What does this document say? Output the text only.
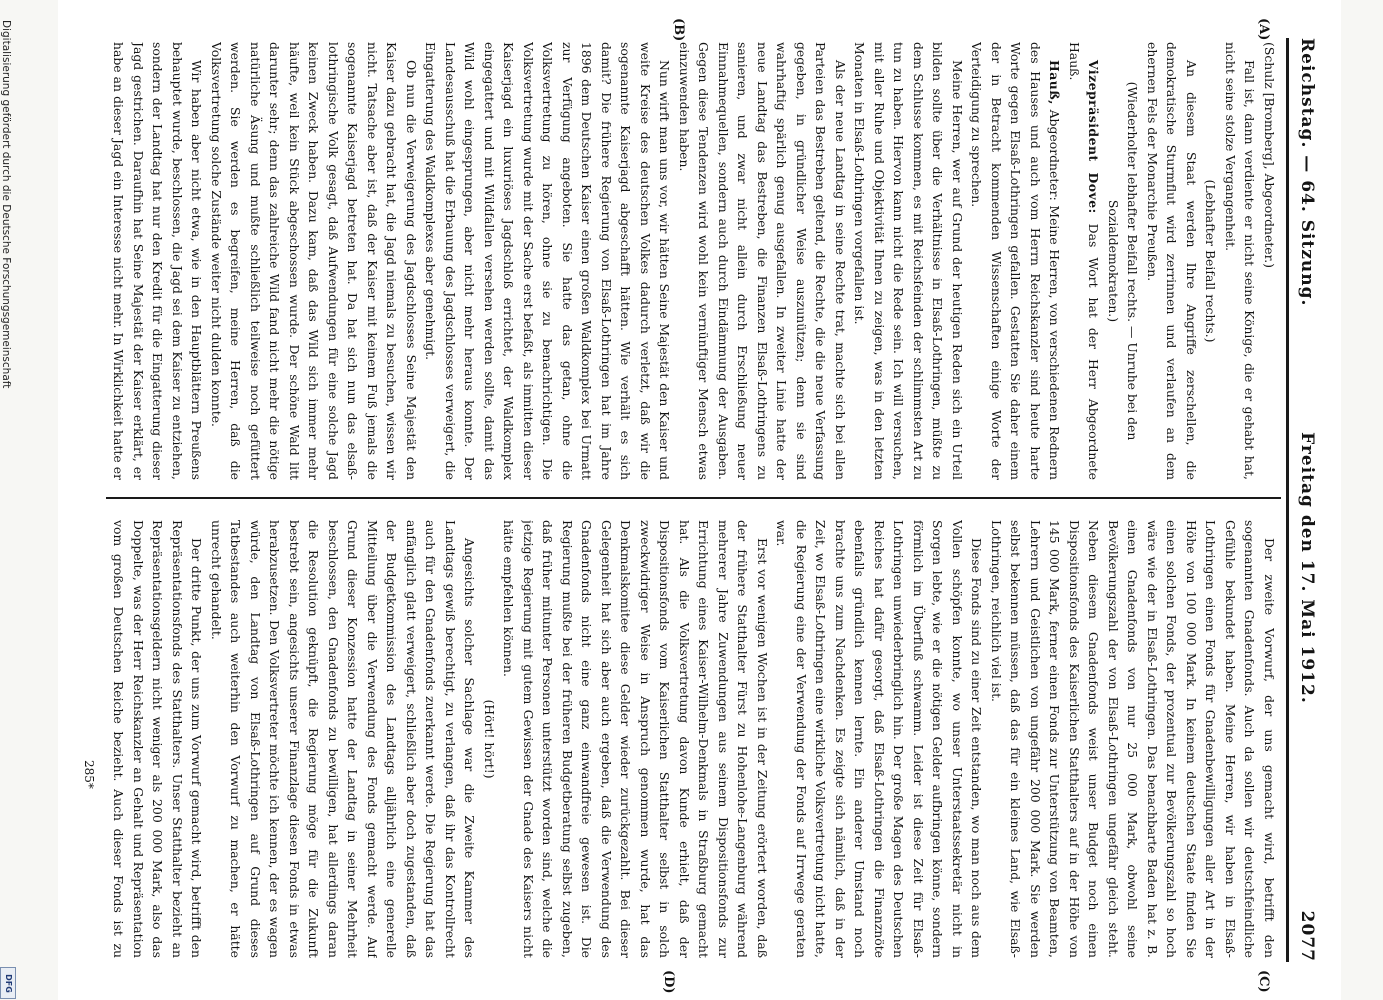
Reichstag. — 64. Sitzung.
Freitag den 17. Mai 1912. 2077
(A)
(B)
(C)
(D)

(Schulz [Bromberg], Abgeordneter.)

Fall ist, dann verdiente er nicht seine Könige, die er gehabt hat, nicht seine stolze Vergangenheit.

(Lebhafter Beifall rechts.)

An diesem Staat werden Ihre Angriffe zerschellen, die demokratische Sturmflut wird zerrinnen und verlaufen an dem ehernen Fels der Monarchie Preußen.

(Wiederholter lebhafter Beifall rechts. — Unruhe bei den Sozialdemokraten.)

Vizepräsident Dove: Das Wort hat der Herr Abgeordnete Hauß.

Hauß, Abgeordneter: Meine Herren, von verschiedenen Rednern des Hauses und auch vom Herrn Reichskanzler sind heute harte Worte gegen Elsaß-Lothringen gefallen. Gestatten Sie daher einem der in Betracht kommenden Wissenschaften einige Worte der Verteidigung zu sprechen.

Meine Herren, wer auf Grund der heutigen Reden sich ein Urteil bilden sollte über die Verhältnisse in Elsaß-Lothringen, müßte zu dem Schlusse kommen, es mit Reichsfeinden der schlimmsten Art zu tun zu haben. Hiervon kann nicht die Rede sein. Ich will versuchen, mit aller Ruhe und Objektivität Ihnen zu zeigen, was in den letzten Monaten in Elsaß-Lothringen vorgefallen ist.

Als der neue Landtag in seine Rechte trat, machte sich bei allen Parteien das Bestreben geltend, die Rechte, die die neue Verfassung gegeben, in gründlicher Weise auszunützen; denn sie sind wahrhaftig spärlich genug ausgefallen. In zweiter Linie hatte der neue Landtag das Bestreben, die Finanzen Elsaß-Lothringens zu sanieren, und zwar nicht allein durch Erschließung neuer Einnahmequellen, sondern auch durch Eindämmung der Ausgaben. Gegen diese Tendenzen wird wohl kein vernünftiger Mensch etwas einzuwenden haben.

Nun wirft man uns vor, wir hätten Seine Majestät den Kaiser und weite Kreise des deutschen Volkes dadurch verletzt, daß wir die sogenannte Kaiserjagd abgeschafft hätten. Wie verhält es sich damit? Die frühere Regierung von Elsaß-Lothringen hat im Jahre 1896 dem Deutschen Kaiser einen großen Waldkomplex bei Urmatt zur Verfügung angeboten. Sie hatte das getan, ohne die Volksvertretung zu hören, ohne sie zu benachrichtigen. Die Volksvertretung wurde mit der Sache erst befaßt, als inmitten dieser Kaiserjagd ein luxuriöses Jagdschloß errichtet, der Waldkomplex eingegattert und mit Wildfallen versehen werden sollte, damit das Wild wohl eingesprungen, aber nicht mehr heraus konnte. Der Landesausschuß hat die Erbauung des Jagdschlosses verweigert, die Eingatterung des Waldkomplexes aber genehmigt.

Ob nun die Verweigerung des Jagdschlosses Seine Majestät den Kaiser dazu gebracht hat, die Jagd niemals zu besuchen, wissen wir nicht. Tatsache aber ist, daß der Kaiser mit keinem Fuß jemals die sogenannte Kaiserjagd betreten hat. Da hat sich nun das elsaß-lothringische Volk gesagt, daß Aufwendungen für eine solche Jagd keinen Zweck haben. Dazu kam, daß das Wild sich immer mehr häufte, weil kein Stück abgeschossen wurde. Der schöne Wald litt darunter sehr; denn das zahlreiche Wild fand nicht mehr die nötige natürliche Äsung und mußte schließlich teilweise noch gefüttert werden. Sie werden es begreifen, meine Herren, daß die Volksvertretung solche Zustände weiter nicht dulden konnte.

Wir haben aber nicht etwa, wie in den Hauptblättern Preußens behauptet wurde, beschlossen, die Jagd sei dem Kaiser zu entziehen, sondern der Landtag hat nur den Kredit für die Eingatterung dieser Jagd gestrichen. Daraufhin hat Seine Majestät der Kaiser erklärt, er habe an dieser Jagd ein Interesse nicht mehr. In Wirklichkeit hatte er

Der zweite Vorwurf, der uns gemacht wird, betrifft den sogenannten Gnadenfonds. Auch da sollen wir deutschfeindliche Gefühle bekundet haben. Meine Herren, wir haben in Elsaß-Lothringen einen Fonds für Gnadenbewilligungen aller Art in der Höhe von 100 000 Mark. In keinem deutschen Staate finden Sie einen solchen Fonds, der prozentual zur Bevölkerungszahl so hoch wäre wie der in Elsaß-Lothringen. Das benachbarte Baden hat z. B. einen Gnadenfonds von nur 25 000 Mark, obwohl seine Bevölkerungszahl der von Elsaß-Lothringen ungefähr gleich steht. Neben diesem Gnadenfonds weist unser Budget noch einen Dispositionsfonds des Kaiserlichen Statthalters auf in der Höhe von 145 000 Mark, ferner einen Fonds zur Unterstützung von Beamten, Lehrern und Geistlichen von ungefähr 200 000 Mark. Sie werden selbst bekennen müssen, daß das für ein kleines Land, wie Elsaß-Lothringen, reichlich viel ist.

Diese Fonds sind zu einer Zeit entstanden, wo man noch aus dem Vollen schöpfen konnte, wo unser Unterstaatssekretär nicht in Sorgen lebte, wie er die nötigen Gelder aufbringen könne, sondern förmlich im Überfluß schwamm. Leider ist diese Zeit für Elsaß-Lothringen unwiederbringlich hin. Der große Magen des Deutschen Reiches hat dafür gesorgt, daß Elsaß-Lothringen die Finanznöte ebenfalls gründlich kennen lernte. Ein anderer Umstand noch brachte uns zum Nachdenken. Es zeigte sich nämlich, daß in der Zeit, wo Elsaß-Lothringen eine wirkliche Volksvertretung nicht hatte, die Regierung eine der Verwendung der Fonds auf Irrwege geraten war.

Erst vor wenigen Wochen ist in der Zeitung erörtert worden, daß der frühere Statthalter Fürst zu Hohenlohe-Langenburg während mehrerer Jahre Zuwendungen aus seinem Dispositionsfonds zur Errichtung eines Kaiser-Wilhelm-Denkmals in Straßburg gemacht hat. Als die Volksvertretung davon Kunde erhielt, daß der Dispositionsfonds vom Kaiserlichen Statthalter selbst in solch zweckwidriger Weise in Anspruch genommen wurde, hat das Denkmalskomitee diese Gelder wieder zurückgezahlt. Bei dieser Gelegenheit hat sich aber auch ergeben, daß die Verwendung des Gnadenfonds nicht eine ganz einwandfreie gewesen ist. Die Regierung mußte bei der früheren Budgetberatung selbst zugeben, daß früher mitunter Personen unterstützt worden sind, welche die jetzige Regierung mit gutem Gewissen der Gnade des Kaisers nicht hätte empfehlen können.

(Hört! hört!)

Angesichts solcher Sachlage war die Zweite Kammer des Landtags gewiß berechtigt, zu verlangen, daß ihr das Kontrollrecht auch für den Gnadenfonds zuerkannt werde. Die Regierung hat das anfänglich glatt verweigert, schließlich aber doch zugestanden, daß der Budgetkommission des Landtags alljährlich eine generelle Mitteilung über die Verwendung des Fonds gemacht werde. Auf Grund dieser Konzession hatte der Landtag in seiner Mehrheit beschlossen, den Gnadenfonds zu bewilligen, hat allerdings daran die Resolution geknüpft, die Regierung möge für die Zukunft bestrebt sein, angesichts unserer Finanzlage diesen Fonds in etwas herabzusetzen. Den Volksvertreter möchte ich kennen, der es wagen würde, den Landtag von Elsaß-Lothringen auf Grund dieses Tatbestandes auch weiterhin den Vorwurf zu machen, er hätte unrecht gehandelt.

Der dritte Punkt, der uns zum Vorwurf gemacht wird, betrifft den Repräsentationsfonds des Statthalters. Unser Statthalter bezieht an Repräsentationsgeldern nicht weniger als 200 000 Mark, also das Doppelte, was der Herr Reichskanzler an Gehalt und Repräsentation vom großen Deutschen Reiche bezieht. Auch dieser Fonds ist zu

285*
Digitalisierung gefördert durch die Deutsche Forschungsgemeinschaft
DFG
